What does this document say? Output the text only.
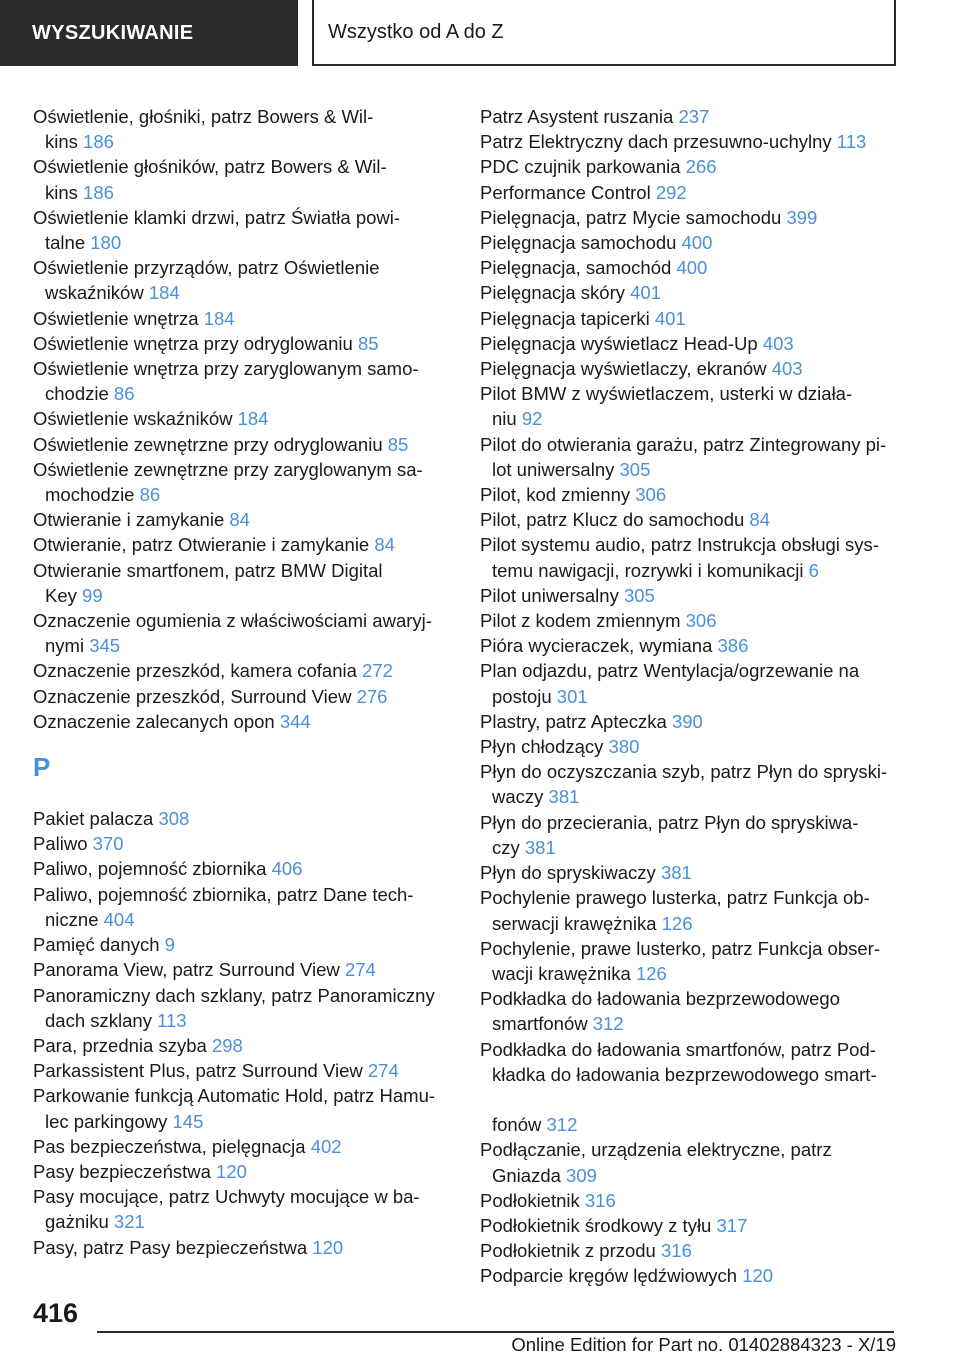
WYSZUKIWANIE	Wszystko od A do Z

Oświetlenie, głośniki, patrz Bowers & Wil‐

kins 186

Oświetlenie głośników, patrz Bowers & Wil‐

kins 186

Oświetlenie klamki drzwi, patrz Światła powi‐

talne 180

Oświetlenie przyrządów, patrz Oświetlenie

wskaźników 184

Oświetlenie wnętrza 184

Oświetlenie wnętrza przy odryglowaniu 85

Oświetlenie wnętrza przy zaryglowanym samo‐

chodzie 86

Oświetlenie wskaźników 184

Oświetlenie zewnętrzne przy odryglowaniu 85

Oświetlenie zewnętrzne przy zaryglowanym sa‐

mochodzie 86

Otwieranie i zamykanie 84

Otwieranie, patrz Otwieranie i zamykanie 84

Otwieranie smartfonem, patrz BMW Digital

Key 99

Oznaczenie ogumienia z właściwościami awaryj‐

nymi 345

Oznaczenie przeszkód, kamera cofania 272

Oznaczenie przeszkód, Surround View 276

Oznaczenie zalecanych opon 344

P

Pakiet palacza 308

Paliwo 370

Paliwo, pojemność zbiornika 406

Paliwo, pojemność zbiornika, patrz Dane tech‐

niczne 404

Pamięć danych 9

Panorama View, patrz Surround View 274

Panoramiczny dach szklany, patrz Panoramiczny

dach szklany 113

Para, przednia szyba 298

Parkassistent Plus, patrz Surround View 274

Parkowanie funkcją Automatic Hold, patrz Hamu‐

lec parkingowy 145

Pas bezpieczeństwa, pielęgnacja 402

Pasy bezpieczeństwa 120

Pasy mocujące, patrz Uchwyty mocujące w ba‐

gażniku 321

Pasy, patrz Pasy bezpieczeństwa 120

Patrz Asystent ruszania 237

Patrz Elektryczny dach przesuwno-uchylny 113

PDC czujnik parkowania 266

Performance Control 292

Pielęgnacja, patrz Mycie samochodu 399

Pielęgnacja samochodu 400

Pielęgnacja, samochód 400

Pielęgnacja skóry 401

Pielęgnacja tapicerki 401

Pielęgnacja wyświetlacz Head-Up 403

Pielęgnacja wyświetlaczy, ekranów 403

Pilot BMW z wyświetlaczem, usterki w działa‐

niu 92

Pilot do otwierania garażu, patrz Zintegrowany pi‐

lot uniwersalny 305

Pilot, kod zmienny 306

Pilot, patrz Klucz do samochodu 84

Pilot systemu audio, patrz Instrukcja obsługi sys‐

temu nawigacji, rozrywki i komunikacji 6

Pilot uniwersalny 305

Pilot z kodem zmiennym 306

Pióra wycieraczek, wymiana 386

Plan odjazdu, patrz Wentylacja/ogrzewanie na

postoju 301

Plastry, patrz Apteczka 390

Płyn chłodzący 380

Płyn do oczyszczania szyb, patrz Płyn do spryski‐

waczy 381

Płyn do przecierania, patrz Płyn do spryskiwa‐

czy 381

Płyn do spryskiwaczy 381

Pochylenie prawego lusterka, patrz Funkcja ob‐

serwacji krawężnika 126

Pochylenie, prawe lusterko, patrz Funkcja obser‐

wacji krawężnika 126

Podkładka do ładowania bezprzewodowego

smartfonów 312

Podkładka do ładowania smartfonów, patrz Pod‐

kładka do ładowania bezprzewodowego smart‐

fonów 312

Podłączanie, urządzenia elektryczne, patrz

Gniazda 309

Podłokietnik 316

Podłokietnik środkowy z tyłu 317

Podłokietnik z przodu 316

Podparcie kręgów lędźwiowych 120

416
Online Edition for Part no. 01402884323 - X/19
